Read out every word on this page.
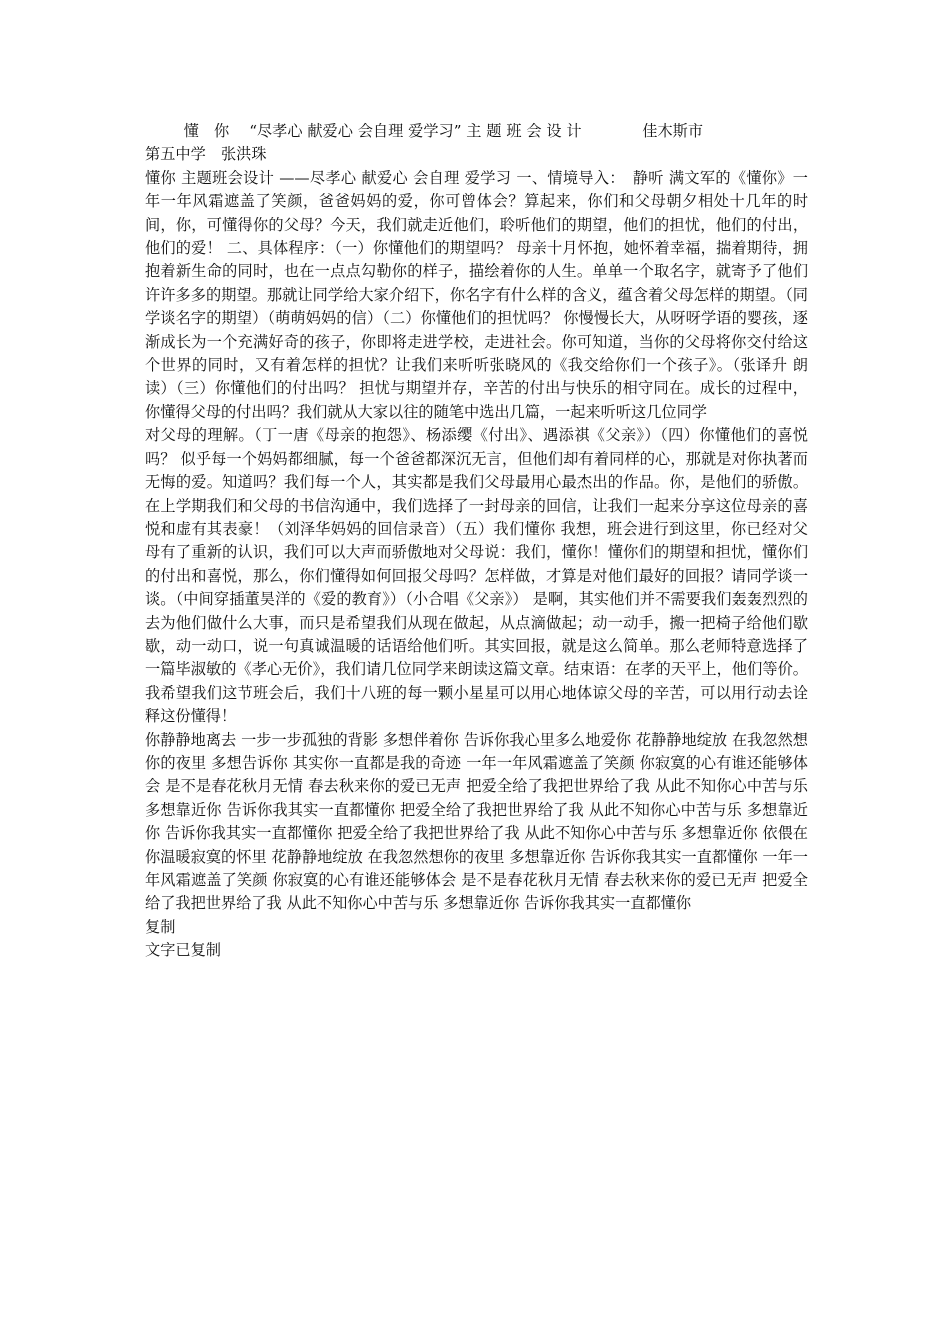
懂　你　 “尽孝心 献爱心 会自理 爱学习” 主 题 班 会 设 计　　　　佳木斯市
第五中学　张洪珠

懂你 主题班会设计 ——尽孝心 献爱心 会自理 爱学习 一、情境导入：　静听 满文军的《懂你》一年一年风霜遮盖了笑颜，爸爸妈妈的爱，你可曾体会？算起来，你们和父母朝夕相处十几年的时间，你，可懂得你的父母？今天，我们就走近他们，聆听他们的期望，他们的担忧，他们的付出，他们的爱！ 二、具体程序：（一）你懂他们的期望吗？ 母亲十月怀抱，她怀着幸福，揣着期待，拥抱着新生命的同时，也在一点点勾勒你的样子，描绘着你的人生。单单一个取名字，就寄予了他们许许多多的期望。那就让同学给大家介绍下，你名字有什么样的含义，蕴含着父母怎样的期望。（同学谈名字的期望）（萌萌妈妈的信）（二）你懂他们的担忧吗？ 你慢慢长大，从呀呀学语的婴孩，逐渐成长为一个充满好奇的孩子，你即将走进学校，走进社会。你可知道，当你的父母将你交付给这个世界的同时，又有着怎样的担忧？让我们来听听张晓风的《我交给你们一个孩子》。（张译升 朗读）（三）你懂他们的付出吗？ 担忧与期望并存，辛苦的付出与快乐的相守同在。成长的过程中，你懂得父母的付出吗？我们就从大家以往的随笔中选出几篇，一起来听听这几位同学

对父母的理解。（丁一唐《母亲的抱怨》、杨添缨《付出》、遇添祺《父亲》）（四）你懂他们的喜悦吗？ 似乎每一个妈妈都细腻，每一个爸爸都深沉无言，但他们却有着同样的心，那就是对你执著而无悔的爱。知道吗？我们每一个人，其实都是我们父母最用心最杰出的作品。你，是他们的骄傲。在上学期我们和父母的书信沟通中，我们选择了一封母亲的回信，让我们一起来分享这位母亲的喜悦和虚有其表豪！（刘泽华妈妈的回信录音）（五）我们懂你 我想，班会进行到这里，你已经对父母有了重新的认识，我们可以大声而骄傲地对父母说：我们，懂你！懂你们的期望和担忧，懂你们的付出和喜悦，那么，你们懂得如何回报父母吗？怎样做，才算是对他们最好的回报？请同学谈一谈。（中间穿插董昊洋的《爱的教育》）（小合唱《父亲》） 是啊，其实他们并不需要我们轰轰烈烈的去为他们做什么大事，而只是希望我们从现在做起，从点滴做起；动一动手，搬一把椅子给他们歇歇，动一动口，说一句真诚温暖的话语给他们听。其实回报，就是这么简单。那么老师特意选择了一篇毕淑敏的《孝心无价》，我们请几位同学来朗读这篇文章。结束语：在孝的天平上，他们等价。我希望我们这节班会后，我们十八班的每一颗小星星可以用心地体谅父母的辛苦，可以用行动去诠释这份懂得！

你静静地离去 一步一步孤独的背影 多想伴着你 告诉你我心里多么地爱你 花静静地绽放 在我忽然想你的夜里 多想告诉你 其实你一直都是我的奇迹 一年一年风霜遮盖了笑颜 你寂寞的心有谁还能够体会 是不是春花秋月无情 春去秋来你的爱已无声 把爱全给了我把世界给了我 从此不知你心中苦与乐 多想靠近你 告诉你我其实一直都懂你 把爱全给了我把世界给了我 从此不知你心中苦与乐 多想靠近你 告诉你我其实一直都懂你 把爱全给了我把世界给了我 从此不知你心中苦与乐 多想靠近你 依偎在你温暖寂寞的怀里 花静静地绽放 在我忽然想你的夜里 多想靠近你 告诉你我其实一直都懂你 一年一年风霜遮盖了笑颜 你寂寞的心有谁还能够体会 是不是春花秋月无情 春去秋来你的爱已无声 把爱全给了我把世界给了我 从此不知你心中苦与乐 多想靠近你 告诉你我其实一直都懂你

复制
文字已复制
